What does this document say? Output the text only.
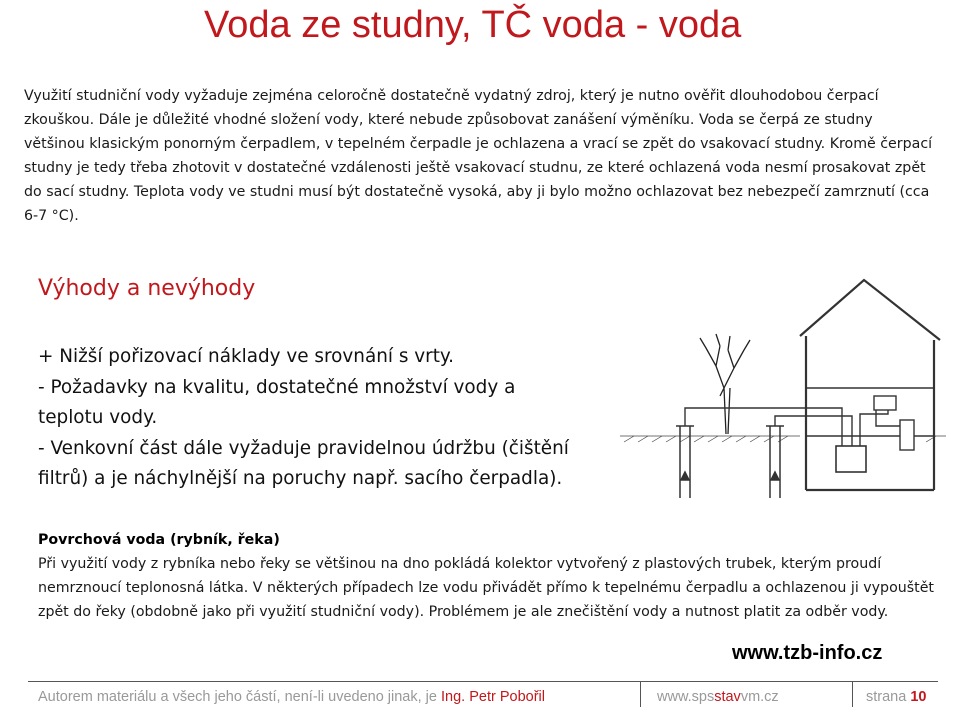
Voda ze studny, TČ voda - voda
Využití studniční vody vyžaduje zejména celoročně dostatečně vydatný zdroj, který je nutno ověřit dlouhodobou čerpací zkouškou. Dále je důležité vhodné složení vody, které nebude způsobovat zanášení výměníku. Voda se čerpá ze studny většinou klasickým ponorným čerpadlem, v tepelném čerpadle je ochlazena a vrací se zpět do vsakovací studny. Kromě čerpací studny je tedy třeba zhotovit v dostatečné vzdálenosti ještě vsakovací studnu, ze které ochlazená voda nesmí prosakovat zpět do sací studny. Teplota vody ve studni musí být dostatečně vysoká, aby ji bylo možno ochlazovat bez nebezpečí zamrznutí (cca 6-7 °C).
Výhody a nevýhody
+ Nižší pořizovací náklady ve srovnání s vrty.
- Požadavky na kvalitu, dostatečné množství vody a
teplotu vody.
- Venkovní část dále vyžaduje pravidelnou údržbu (čištění
filtrů) a je náchylnější na poruchy např. sacího čerpadla).
Povrchová voda (rybník, řeka)
Při využití vody z rybníka nebo řeky se většinou na dno pokládá kolektor vytvořený z plastových trubek, kterým proudí nemrznoucí teplonosná látka. V některých případech lze vodu přivádět přímo k tepelnému čerpadlu a ochlazenou ji vypouštět zpět do řeky (obdobně jako při využití studniční vody). Problémem je ale znečištění vody a nutnost platit za odběr vody.
www.tzb-info.cz
Autorem materiálu a všech jeho částí, není-li uvedeno jinak, je Ing. Petr Pobořil	www.spsstavvm.cz	strana 10
